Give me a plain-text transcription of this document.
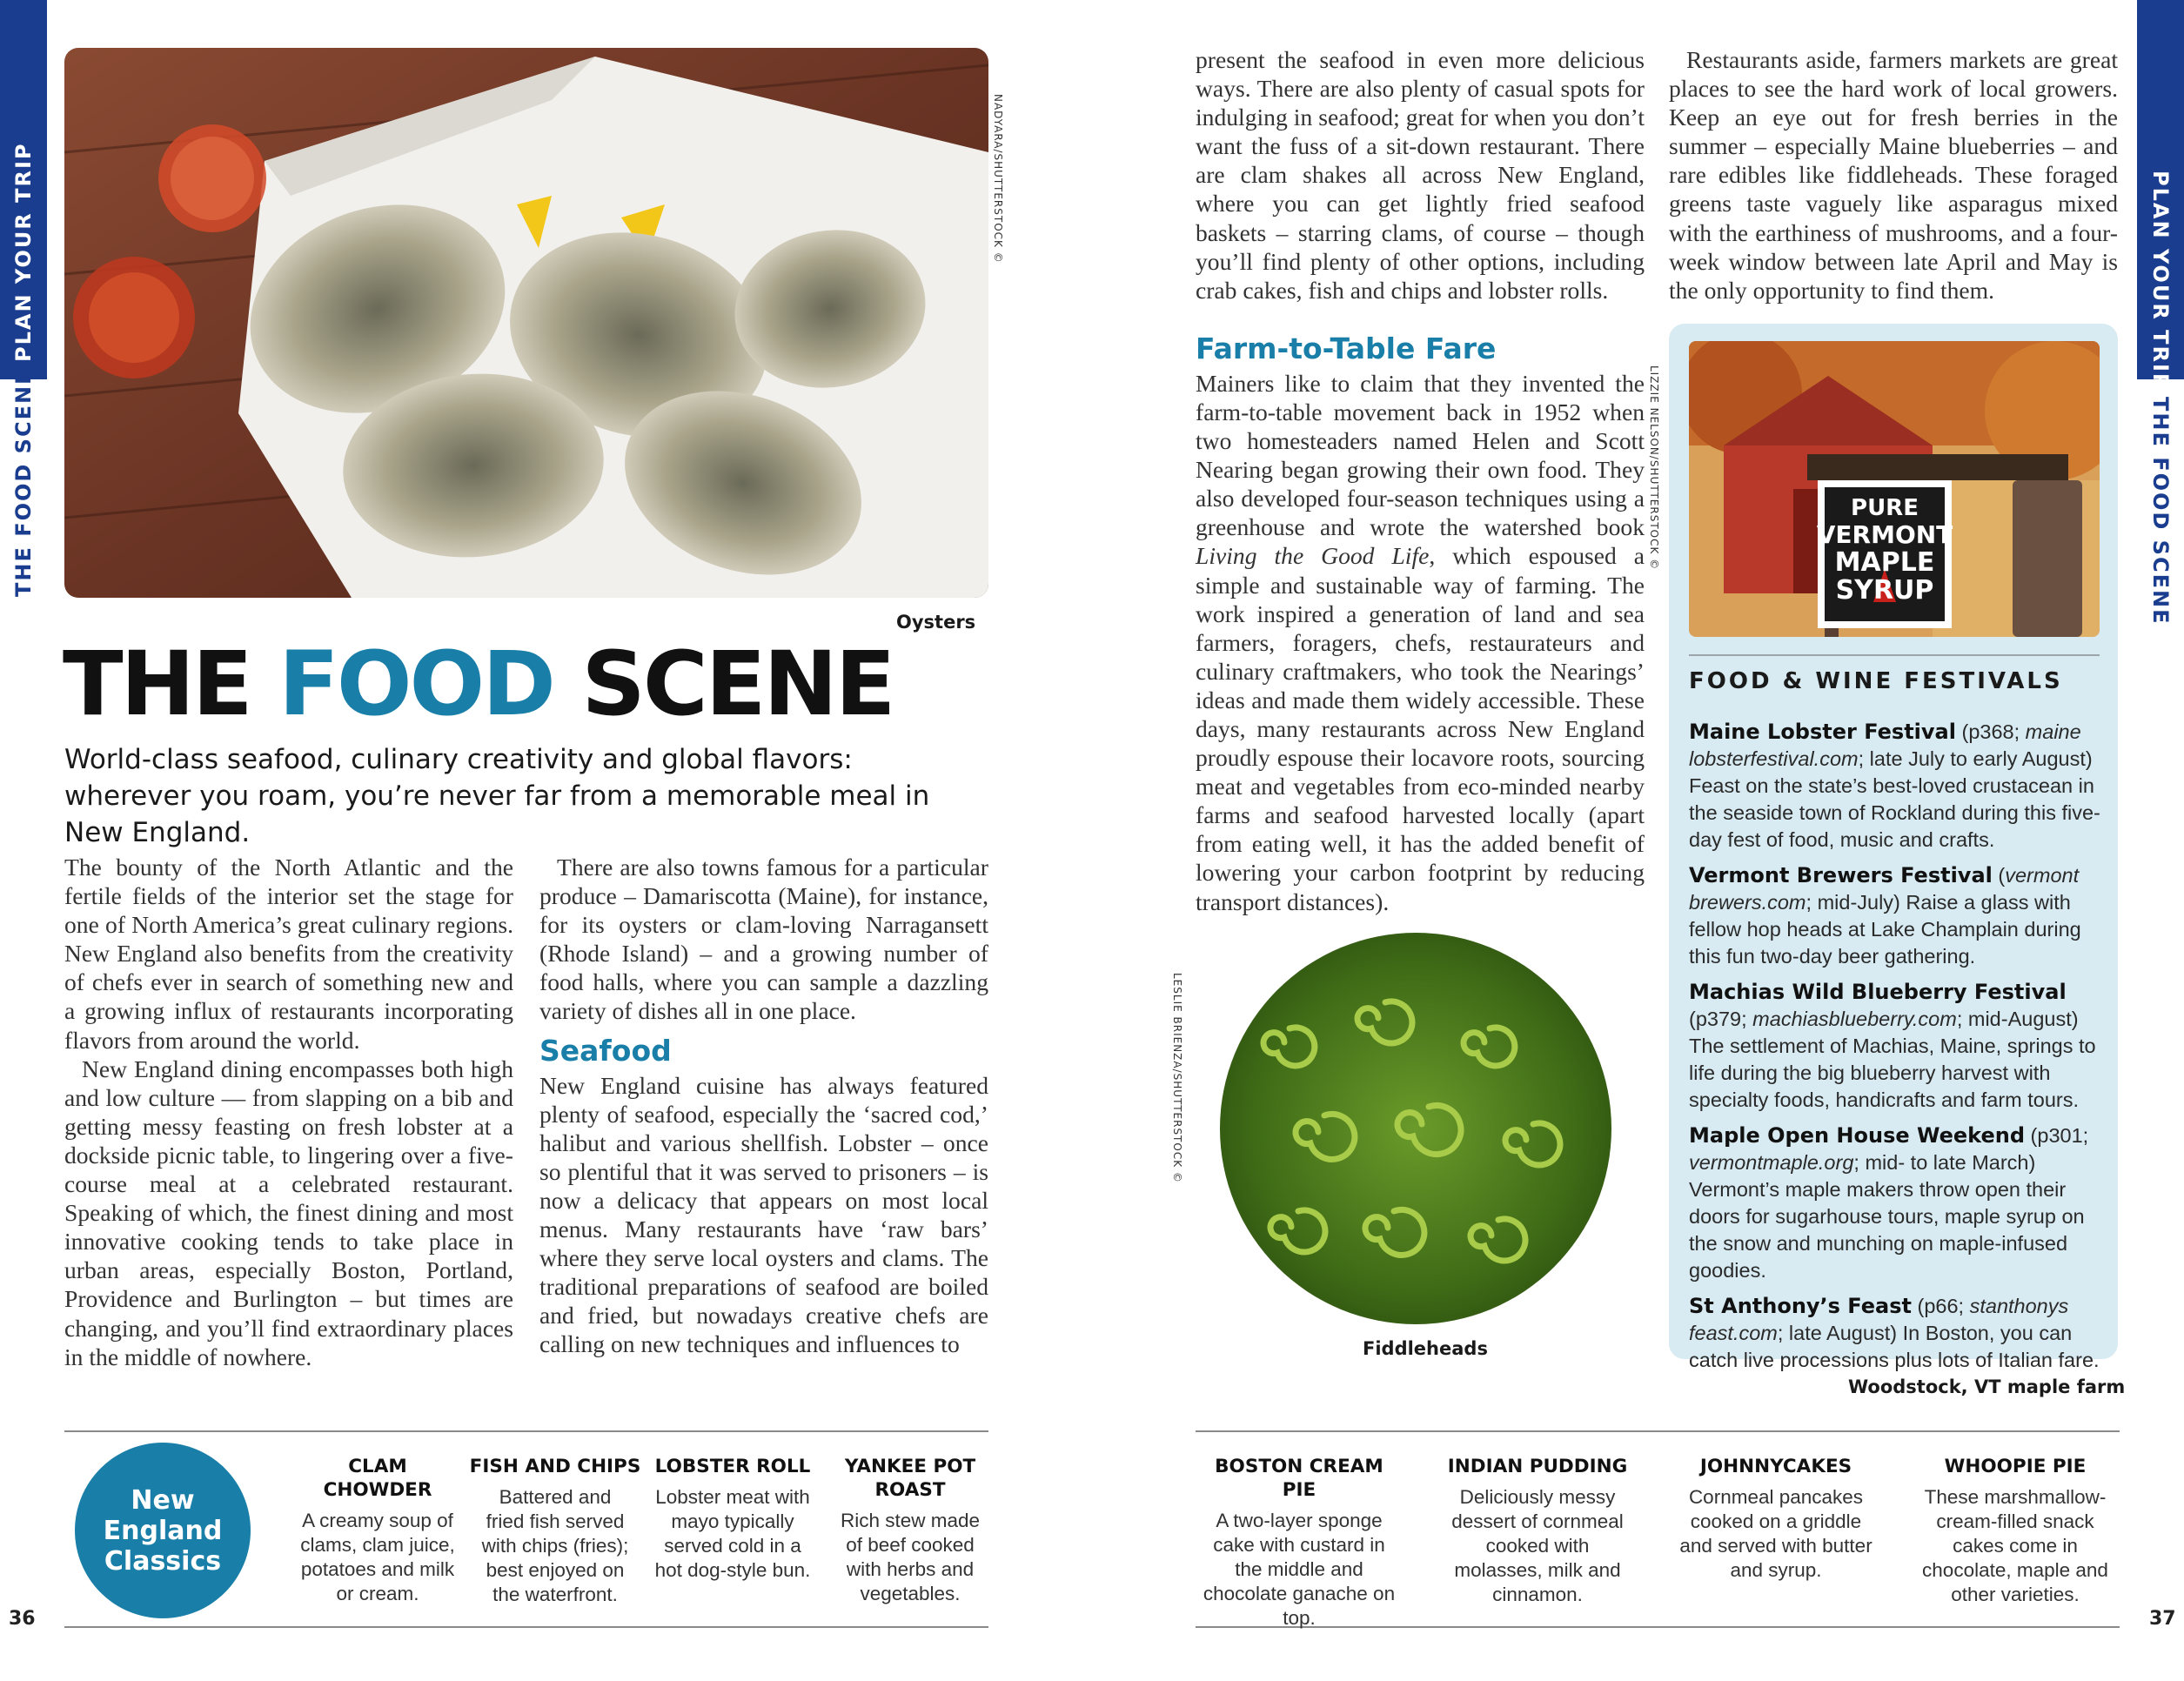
PLAN YOUR TRIP
THE FOOD SCENE
PLAN YOUR TRIP
THE FOOD SCENE
NADYARA/SHUTTERSTOCK ©
Oysters
THE FOOD SCENE
World-class seafood, culinary creativity and global flavors: wherever you roam, you’re never far from a memorable meal in New England.

The bounty of the North Atlantic and the fertile fields of the interior set the stage for one of North America’s great culinary regions. New England also benefits from the creativity of chefs ever in search of something new and a growing influx of restaurants incorporating flavors from around the world.

New England dining encompasses both high and low culture — from slapping on a bib and getting messy feasting on fresh lobster at a dockside picnic table, to lingering over a five-course meal at a celebrated restaurant. Speaking of which, the finest dining and most innovative cooking tends to take place in urban areas, especially Boston, Portland, Providence and Burlington – but times are changing, and you’ll find extraordinary places in the middle of nowhere.

There are also towns famous for a particular produce – Damariscotta (Maine), for instance, for its oysters or clam-loving Narragansett (Rhode Island) – and a growing number of food halls, where you can sample a dazzling variety of dishes all in one place.

Seafood

New England cuisine has always featured plenty of seafood, especially the ‘sacred cod,’ halibut and various shellfish. Lobster – once so plentiful that it was served to prisoners – is now a delicacy that appears on most local menus. Many restaurants have ‘raw bars’ where they serve local oysters and clams. The traditional preparations of seafood are boiled and fried, but nowadays creative chefs are calling on new techniques and influences to

present the seafood in even more delicious ways. There are also plenty of casual spots for indulging in seafood; great for when you don’t want the fuss of a sit-down restaurant. There are clam shakes all across New England, where you can get lightly fried seafood baskets – starring clams, of course – though you’ll find plenty of other options, including crab cakes, fish and chips and lobster rolls.

Farm-to-Table Fare

Mainers like to claim that they invented the farm-to-table movement back in 1952 when two homesteaders named Helen and Scott Nearing began growing their own food. They also developed four-season techniques using a greenhouse and wrote the watershed book Living the Good Life, which espoused a simple and sustainable way of farming. The work inspired a generation of land and sea farmers, foragers, chefs, restaurateurs and culinary craftmakers, who took the Nearings’ ideas and made them widely accessible. These days, many restaurants across New England proudly espouse their locavore roots, sourcing meat and vegetables from eco-minded nearby farms and seafood harvested locally (apart from eating well, it has the added benefit of lowering your carbon footprint by reducing transport distances).

Restaurants aside, farmers markets are great places to see the hard work of local growers. Keep an eye out for fresh berries in the summer – especially Maine blueberries – and rare edibles like fiddleheads. These foraged greens taste vaguely like asparagus mixed with the earthiness of mushrooms, and a four-week window between late April and May is the only opportunity to find them.

LESLIE BRIENZA/SHUTTERSTOCK ©
Fiddleheads
PURE
VERMONT
MAPLE
SYRUP
LIZZIE NELSON/SHUTTERSTOCK ©
FOOD & WINE FESTIVALS
Maine Lobster Festival (p368; maine lobsterfestival.com; late July to early August) Feast on the state’s best-loved crustacean in the seaside town of Rockland during this five-day fest of food, music and crafts.
Vermont Brewers Festival (vermont brewers.com; mid-July) Raise a glass with fellow hop heads at Lake Champlain during this fun two-day beer gathering.
Machias Wild Blueberry Festival (p379; machiasblueberry.com; mid-August) The settlement of Machias, Maine, springs to life during the big blueberry harvest with specialty foods, handicrafts and farm tours.
Maple Open House Weekend (p301; vermontmaple.org; mid- to late March) Vermont’s maple makers throw open their doors for sugarhouse tours, maple syrup on the snow and munching on maple-infused goodies.
St Anthony’s Feast (p66; stanthonys feast.com; late August) In Boston, you can catch live processions plus lots of Italian fare.
Woodstock, VT maple farm
New
England
Classics
CLAM CHOWDER
A creamy soup of clams, clam juice, potatoes and milk or cream.
FISH AND CHIPS
Battered and fried fish served with chips (fries); best enjoyed on the waterfront.
LOBSTER ROLL
Lobster meat with mayo typically served cold in a hot dog-style bun.
YANKEE POT ROAST
Rich stew made of beef cooked with herbs and vegetables.
BOSTON CREAM PIE
A two-layer sponge cake with custard in the middle and chocolate ganache on top.
INDIAN PUDDING
Deliciously messy dessert of cornmeal cooked with molasses, milk and cinnamon.
JOHNNYCAKES
Cornmeal pancakes cooked on a griddle and served with butter and syrup.
WHOOPIE PIE
These marshmallow-cream-filled snack cakes come in chocolate, maple and other varieties.
36	37
